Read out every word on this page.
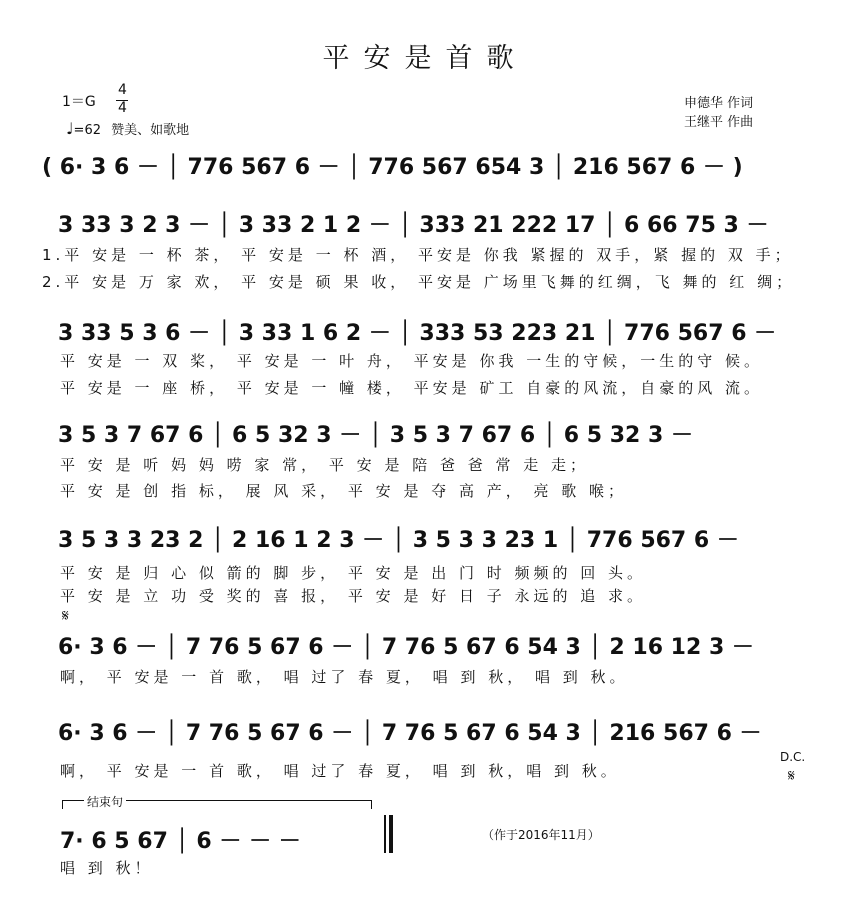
平安是首歌
1＝G
4
4
♩=62 赞美、如歌地
申德华 作词
王继平 作曲
( 6· 3 6 － │ 776 567 6 － │ 776 567 654 3 │ 216 567 6 － )
3 33 3 2 3 － │ 3 33 2 1 2 － │ 333 21 222 17 │ 6 66 75 3 －
1.平 安是 一 杯 茶， 平 安是 一 杯 酒， 平安是 你我 紧握的 双手，紧 握的 双 手；
2.平 安是 万 家 欢， 平 安是 硕 果 收， 平安是 广场里飞舞的红绸，飞 舞的 红 绸；
3 33 5 3 6 － │ 3 33 1 6 2 － │ 333 53 223 21 │ 776 567 6 －
平 安是 一 双 桨， 平 安是 一 叶 舟， 平安是 你我 一生的守候，一生的守 候。
平 安是 一 座 桥， 平 安是 一 幢 楼， 平安是 矿工 自豪的风流，自豪的风 流。
3 5 3 7 67 6 │ 6 5 32 3 － │ 3 5 3 7 67 6 │ 6 5 32 3 －
平 安 是 听 妈 妈 唠 家 常， 平 安 是 陪 爸 爸 常 走 走；
平 安 是 创 指 标， 展 风 采， 平 安 是 夺 高 产， 亮 歌 喉；
3 5 3 3 23 2 │ 2 16 1 2 3 － │ 3 5 3 3 23 1 │ 776 567 6 －
平 安 是 归 心 似 箭的 脚 步， 平 安 是 出 门 时 频频的 回 头。
平 安 是 立 功 受 奖的 喜 报， 平 安 是 好 日 子 永远的 追 求。
𝄋
6· 3 6 － │ 7 76 5 67 6 － │ 7 76 5 67 6 54 3 │ 2 16 12 3 －
啊， 平 安是 一 首 歌， 唱 过了 春 夏， 唱 到 秋， 唱 到 秋。
6· 3 6 － │ 7 76 5 67 6 － │ 7 76 5 67 6 54 3 │ 216 567 6 －
啊， 平 安是 一 首 歌， 唱 过了 春 夏， 唱 到 秋，唱 到 秋。
D.C.
𝄋
结束句
7· 6 5 67 │ 6 － － －
唱 到 秋！
（作于2016年11月）
